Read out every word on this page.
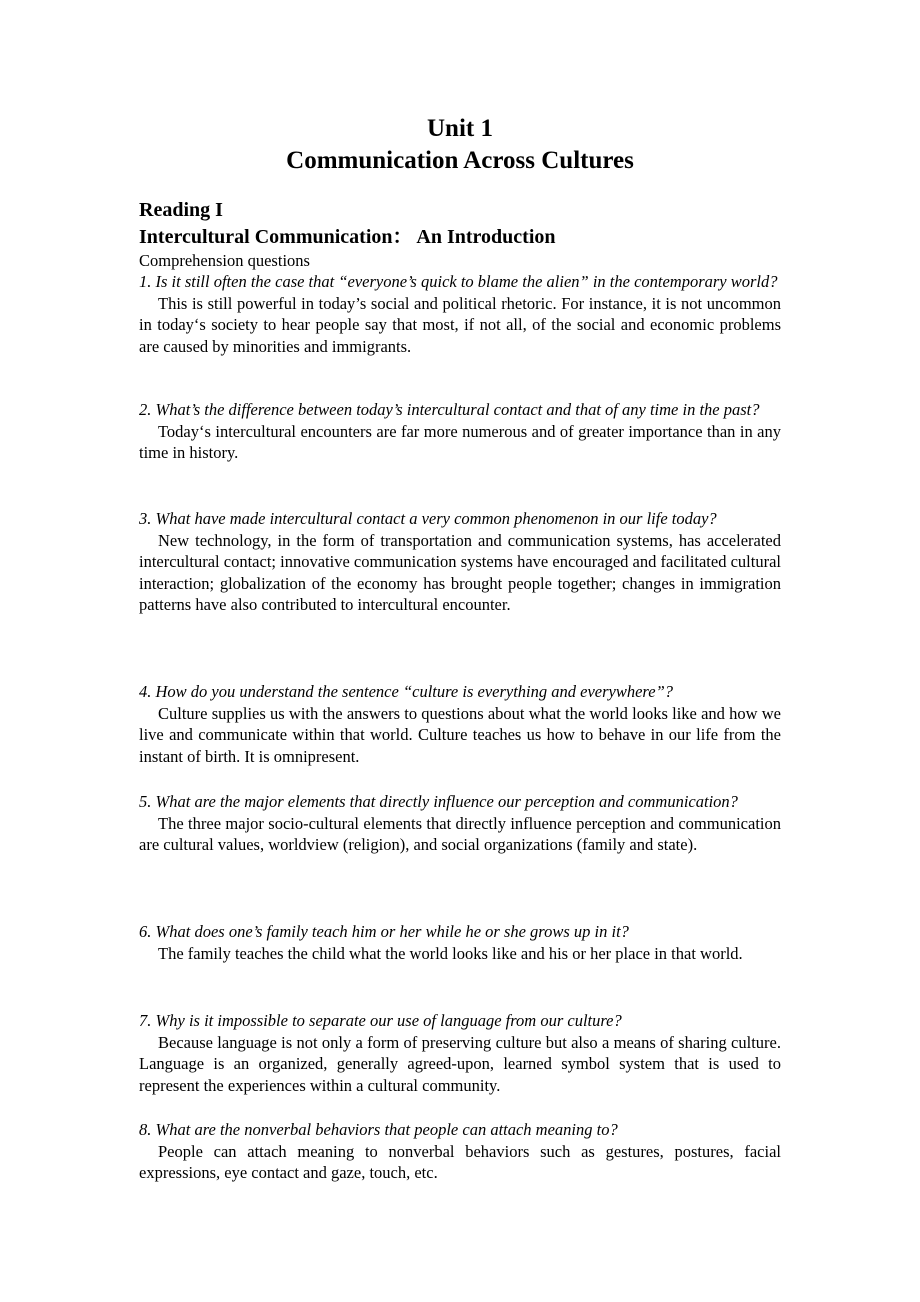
Unit 1
Communication Across Cultures
Reading I
Intercultural Communication： An Introduction
Comprehension questions

1. Is it still often the case that “everyone’s quick to blame the alien” in the contemporary world?

This is still powerful in today’s social and political rhetoric. For instance, it is not uncommon in today‘s society to hear people say that most, if not all, of the social and economic problems are caused by minorities and immigrants.

2. What’s the difference between today’s intercultural contact and that of any time in the past?

Today‘s intercultural encounters are far more numerous and of greater importance than in any time in history.

3. What have made intercultural contact a very common phenomenon in our life today?

New technology, in the form of transportation and communication systems, has accelerated intercultural contact; innovative communication systems have encouraged and facilitated cultural interaction; globalization of the economy has brought people together; changes in immigration patterns have also contributed to intercultural encounter.

4. How do you understand the sentence “culture is everything and everywhere”?

Culture supplies us with the answers to questions about what the world looks like and how we live and communicate within that world. Culture teaches us how to behave in our life from the instant of birth. It is omnipresent.

5. What are the major elements that directly influence our perception and communication?

The three major socio-cultural elements that directly influence perception and communication are cultural values, worldview (religion), and social organizations (family and state).

6. What does one’s family teach him or her while he or she grows up in it?

The family teaches the child what the world looks like and his or her place in that world.

7. Why is it impossible to separate our use of language from our culture?

Because language is not only a form of preserving culture but also a means of sharing culture. Language is an organized, generally agreed-upon, learned symbol system that is used to represent the experiences within a cultural community.

8. What are the nonverbal behaviors that people can attach meaning to?

People can attach meaning to nonverbal behaviors such as gestures, postures, facial expressions, eye contact and gaze, touch, etc.
